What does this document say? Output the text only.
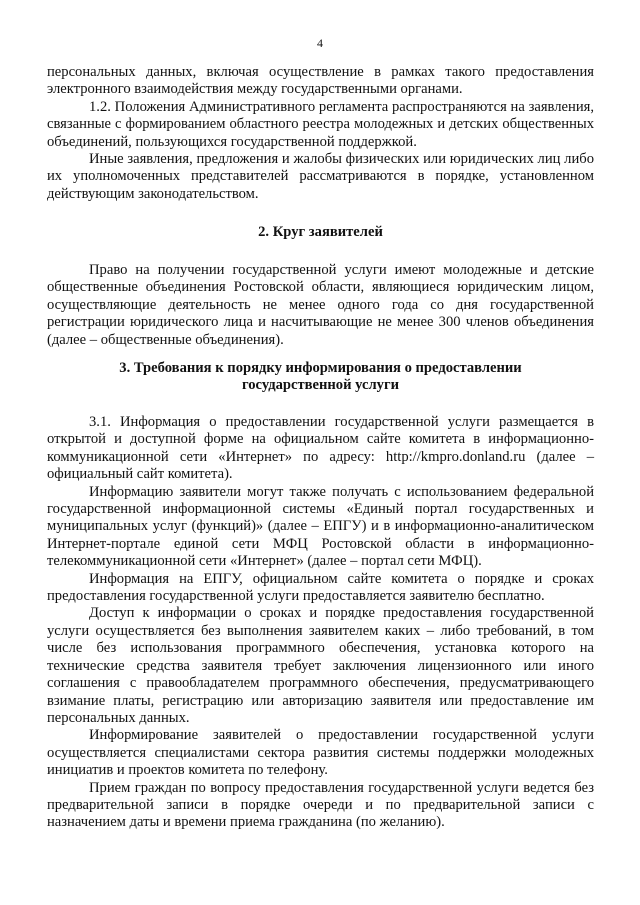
4

персональных данных, включая осуществление в рамках такого предоставления электронного взаимодействия между государственными органами.

1.2. Положения Административного регламента распространяются на заявления, связанные с формированием областного реестра молодежных и детских общественных объединений, пользующихся государственной поддержкой.

Иные заявления, предложения и жалобы физических или юридических лиц либо их уполномоченных представителей рассматриваются в порядке, установленном действующим законодательством.

2. Круг заявителей

Право на получении государственной услуги имеют молодежные и детские общественные объединения Ростовской области, являющиеся юридическим лицом, осуществляющие деятельность не менее одного года со дня государственной регистрации юридического лица и насчитывающие не менее 300 членов объединения (далее – общественные объединения).

3. Требования к порядку информирования о предоставлении
государственной услуги

3.1. Информация о предоставлении государственной услуги размещается в открытой и доступной форме на официальном сайте комитета в информационно-коммуникационной сети «Интернет» по адресу: http://kmpro.donland.ru (далее – официальный сайт комитета).

Информацию заявители могут также получать с использованием федеральной государственной информационной системы «Единый портал государственных и муниципальных услуг (функций)» (далее – ЕПГУ) и в информационно-аналитическом Интернет-портале единой сети МФЦ Ростовской области в информационно-телекоммуникационной сети «Интернет» (далее – портал сети МФЦ).

Информация на ЕПГУ, официальном сайте комитета о порядке и сроках предоставления государственной услуги предоставляется заявителю бесплатно.

Доступ к информации о сроках и порядке предоставления государственной услуги осуществляется без выполнения заявителем каких – либо требований, в том числе без использования программного обеспечения, установка которого на технические средства заявителя требует заключения лицензионного или иного соглашения с правообладателем программного обеспечения, предусматривающего взимание платы, регистрацию или авторизацию заявителя или предоставление им персональных данных.

Информирование заявителей о предоставлении государственной услуги осуществляется специалистами сектора развития системы поддержки молодежных инициатив и проектов комитета по телефону.

Прием граждан по вопросу предоставления государственной услуги ведется без предварительной записи в порядке очереди и по предварительной записи с назначением даты и времени приема гражданина (по желанию).
